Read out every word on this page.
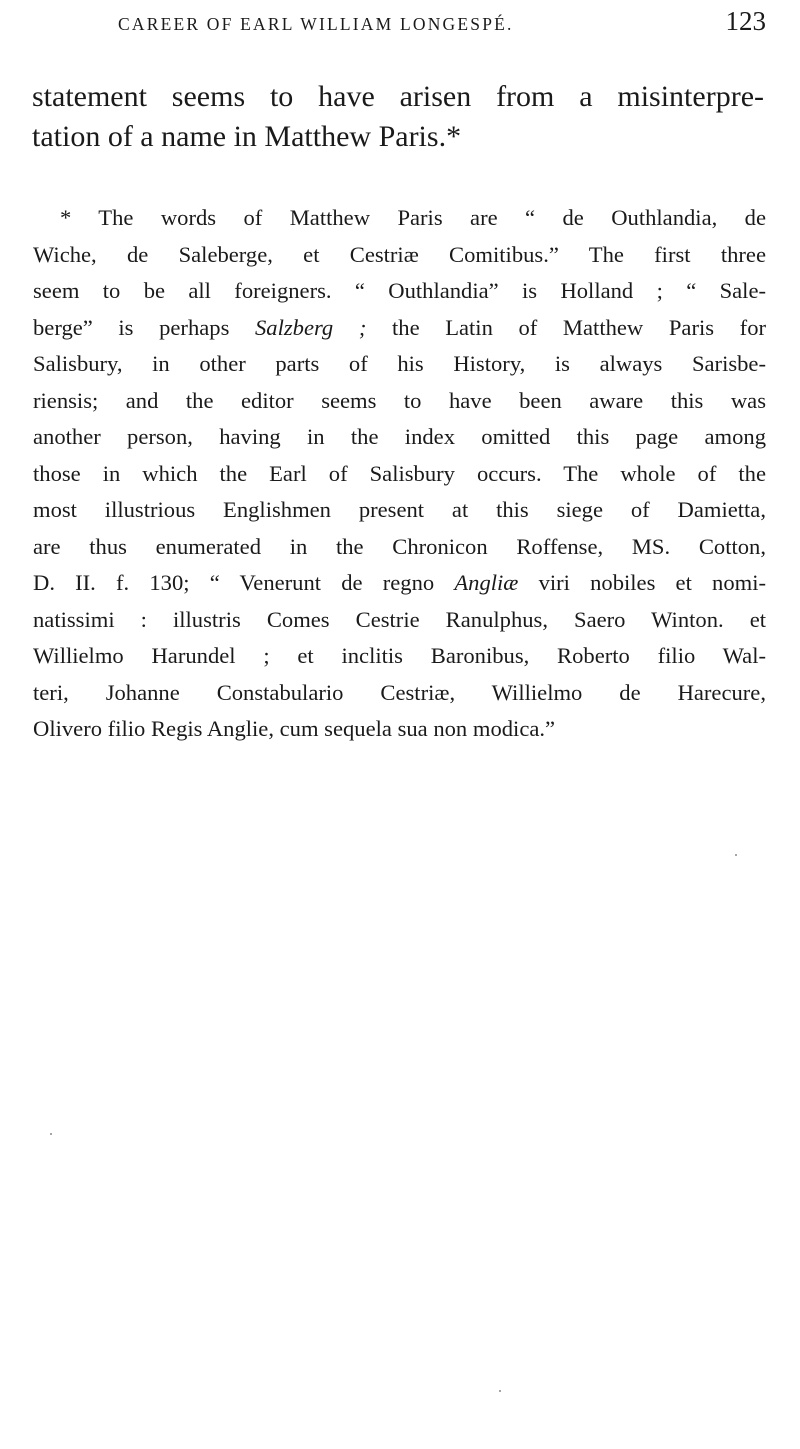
CAREER OF EARL WILLIAM LONGESPÉ.	123
statement seems to have arisen from a misinterpre-
tation of a name in Matthew Paris.*
* The words of Matthew Paris are “ de Outhlandia, de
Wiche, de Saleberge, et Cestriæ Comitibus.” The first three
seem to be all foreigners. “ Outhlandia” is Holland ; “ Sale-
berge” is perhaps Salzberg ; the Latin of Matthew Paris for
Salisbury, in other parts of his History, is always Sarisbe-
riensis; and the editor seems to have been aware this was
another person, having in the index omitted this page among
those in which the Earl of Salisbury occurs. The whole of the
most illustrious Englishmen present at this siege of Damietta,
are thus enumerated in the Chronicon Roffense, MS. Cotton,
D. II. f. 130; “ Venerunt de regno Angliæ viri nobiles et nomi-
natissimi : illustris Comes Cestrie Ranulphus, Saero Winton. et
Willielmo Harundel ; et inclitis Baronibus, Roberto filio Wal-
teri, Johanne Constabulario Cestriæ, Willielmo de Harecure,
Olivero filio Regis Anglie, cum sequela sua non modica.”
